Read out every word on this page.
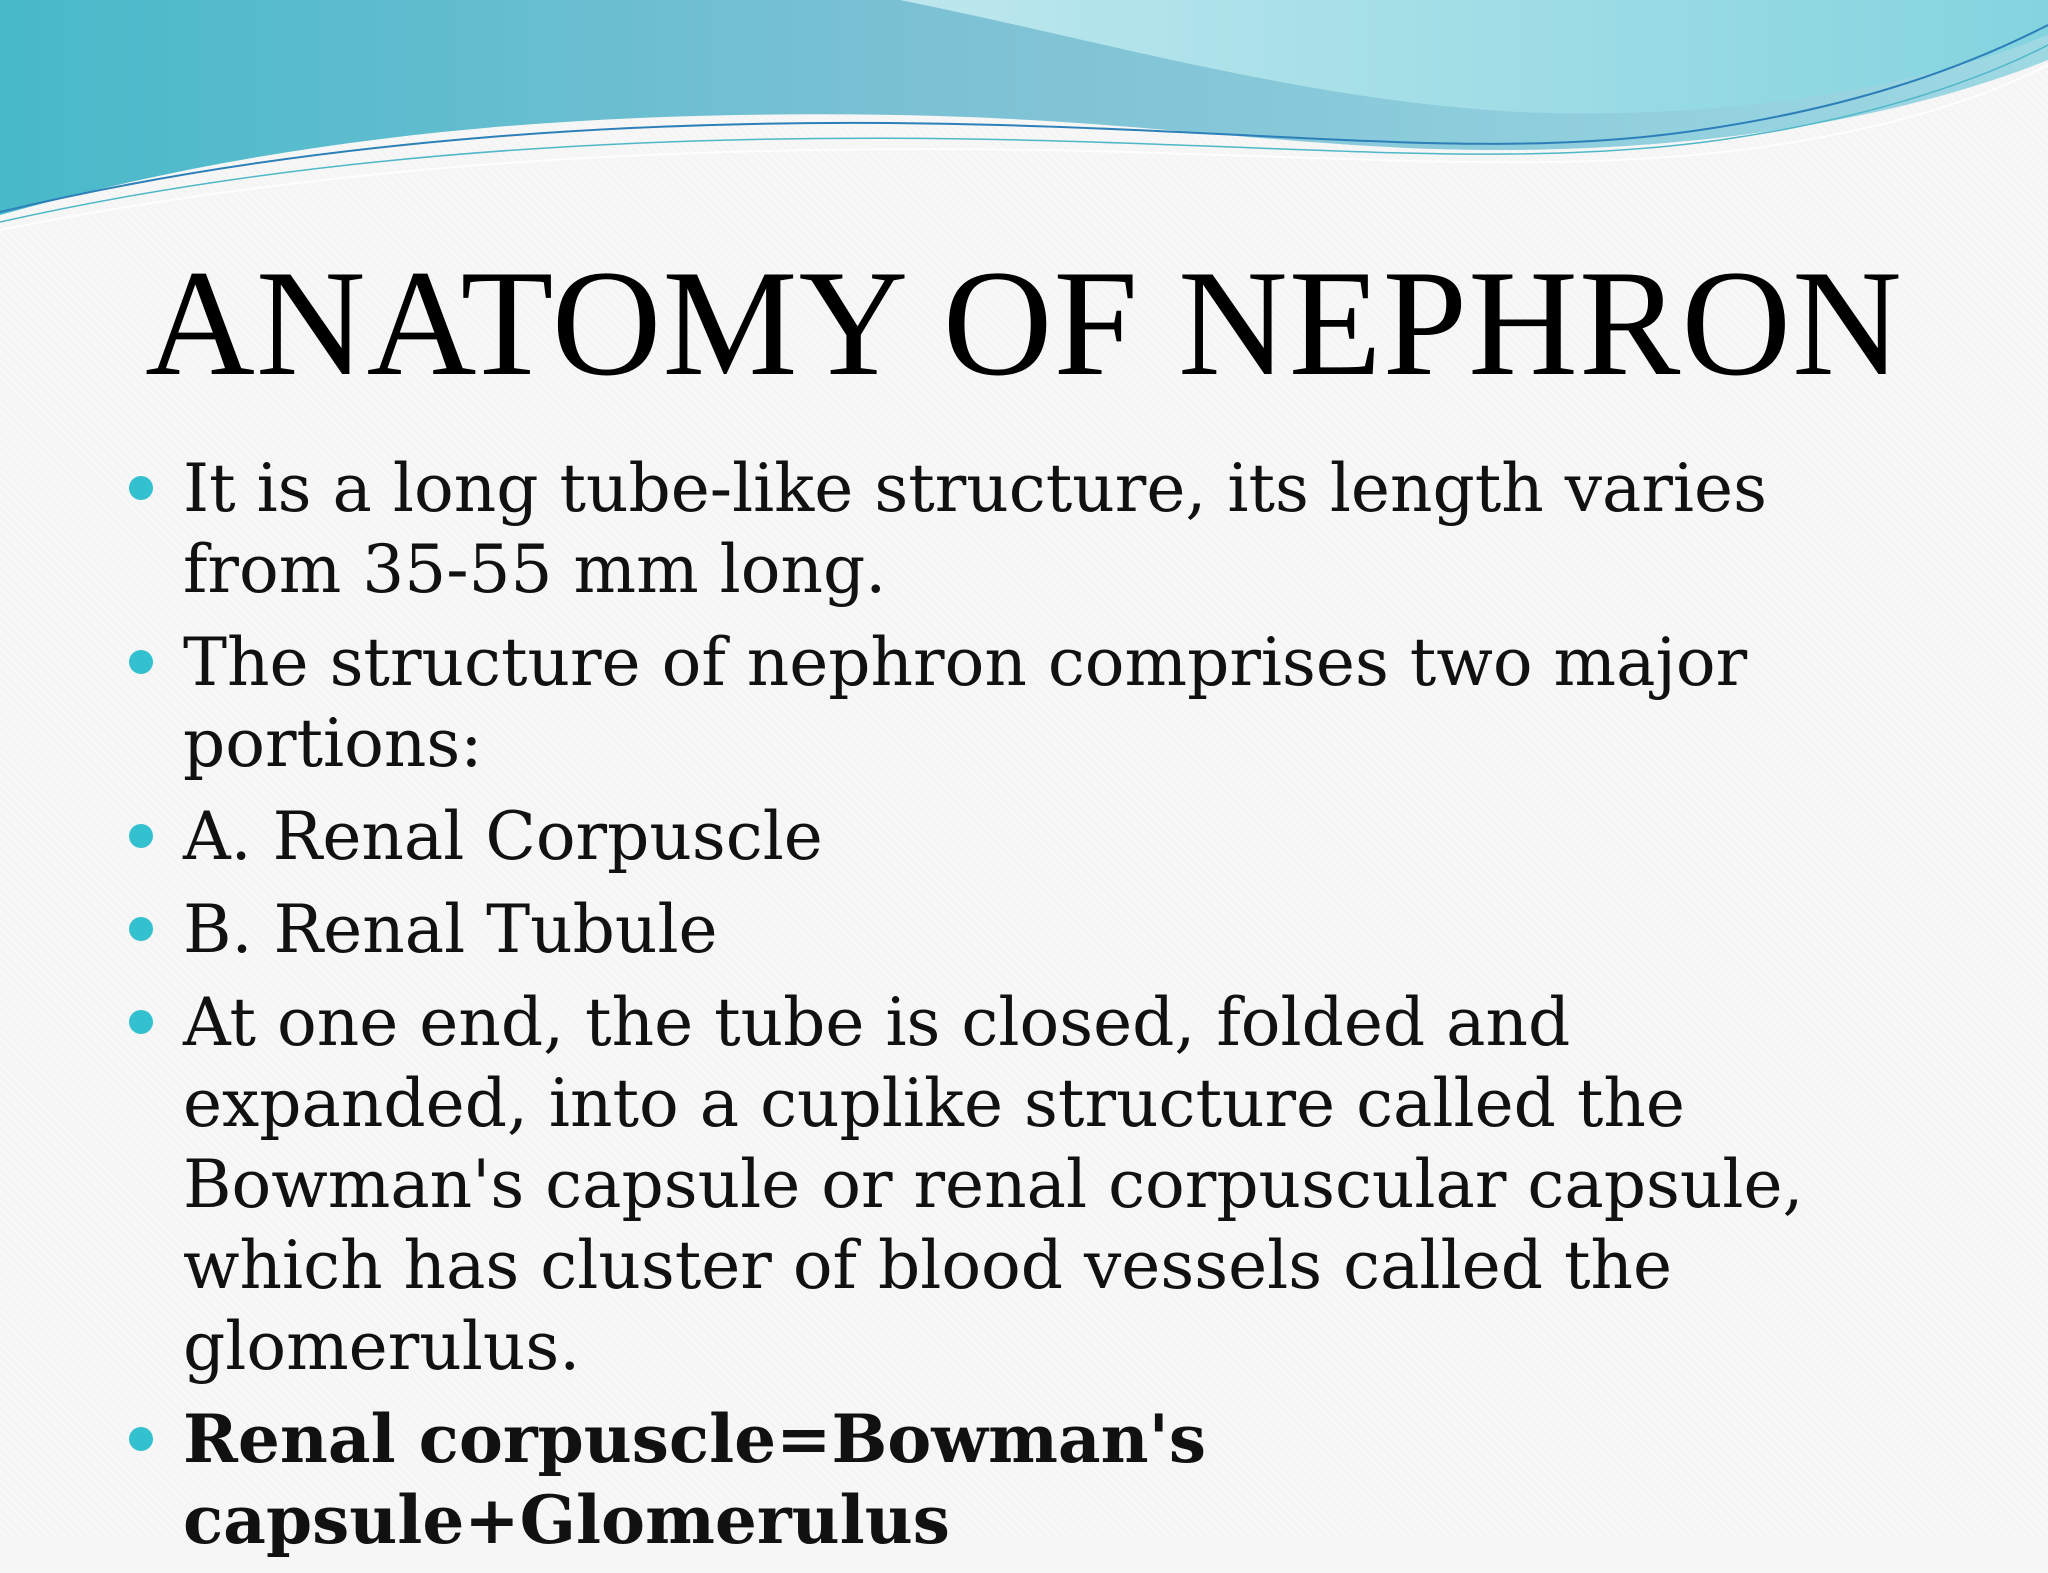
ANATOMY OF NEPHRON
It is a long tube-like structure, its length varies from 35-55 mm long.
The structure of nephron comprises two major portions:
A. Renal Corpuscle
B. Renal Tubule
At one end, the tube is closed, folded and expanded, into a cuplike structure called the Bowman's capsule or renal corpuscular capsule, which has cluster of blood vessels called the glomerulus.
Renal corpuscle=Bowman's capsule+Glomerulus
